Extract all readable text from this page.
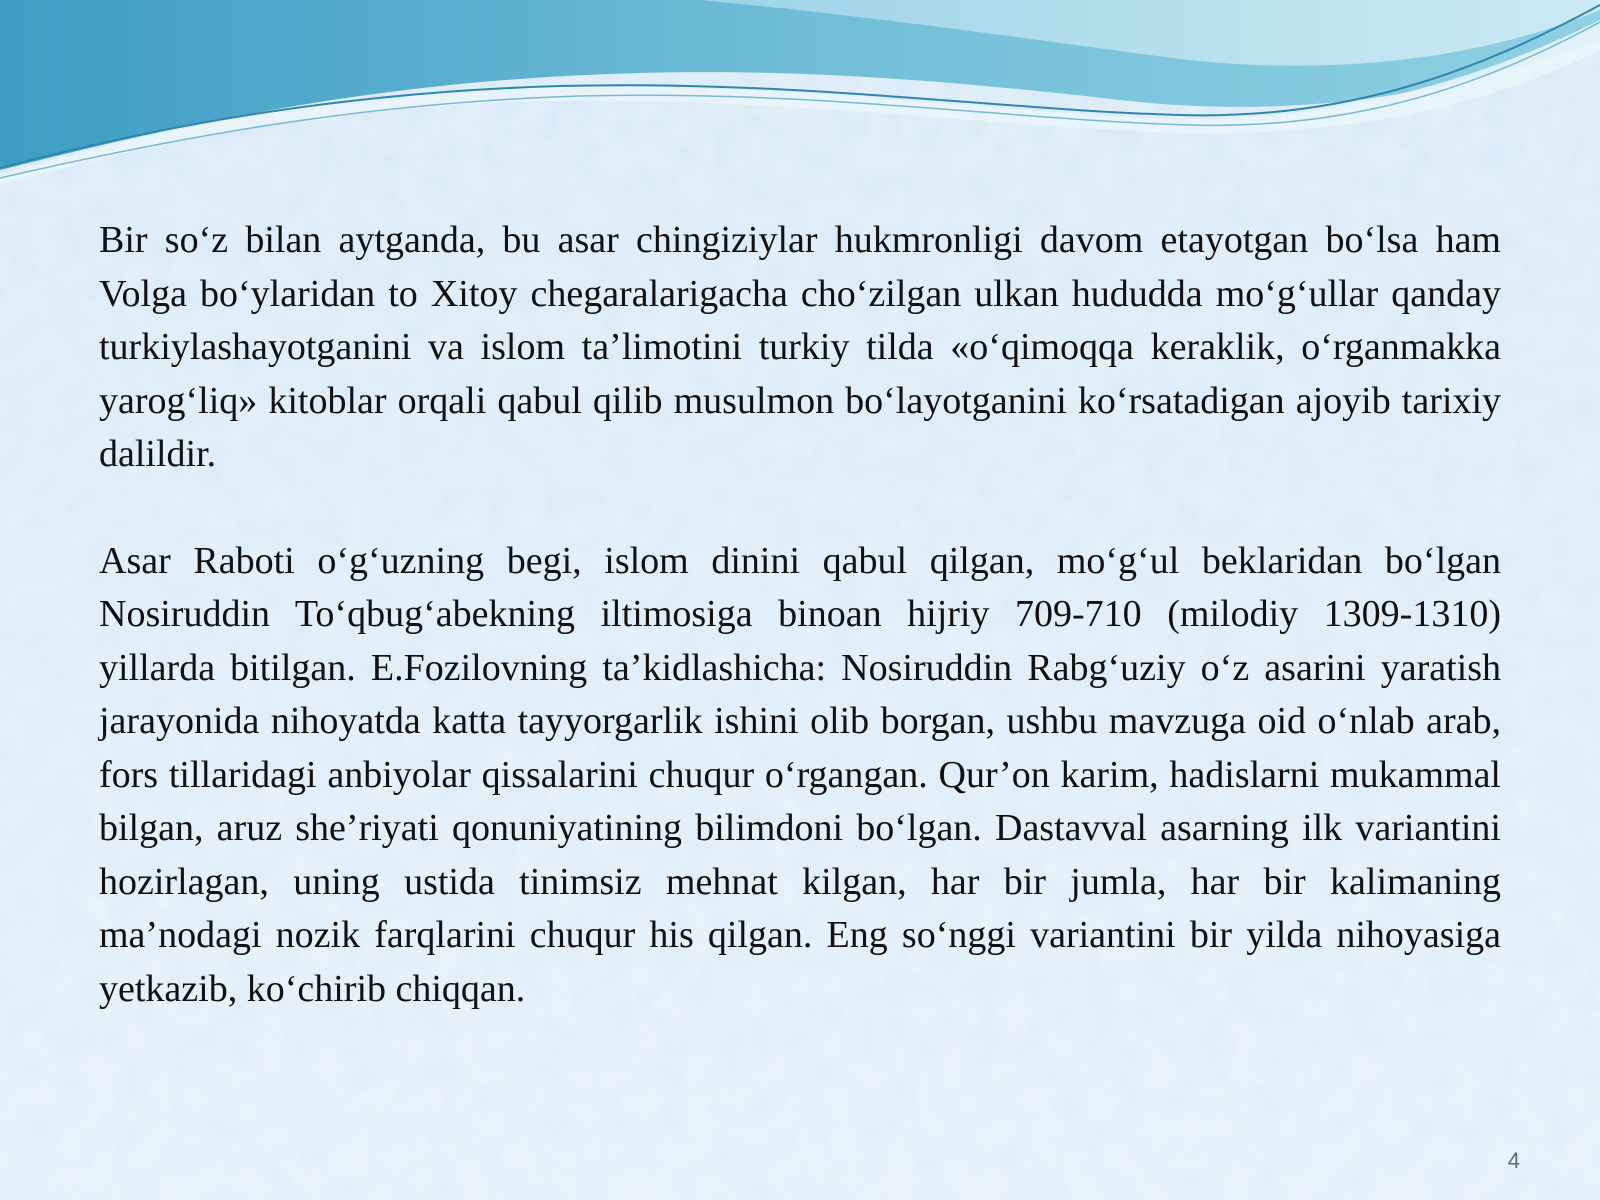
Bir so‘z bilan aytganda, bu asar chingiziylar hukmronligi davom etayotgan bo‘lsa ham Volga bo‘ylaridan to Xitoy chegaralarigacha cho‘zilgan ulkan hududda mo‘g‘ullar qanday turkiylashayotganini va islom ta’limotini turkiy tilda «o‘qimoqqa keraklik, o‘rganmakka yarog‘liq» kitoblar orqali qabul qilib musulmon bo‘layotganini ko‘rsatadigan ajoyib tarixiy dalildir.

Asar Raboti o‘g‘uzning begi, islom dinini qabul qilgan, mo‘g‘ul beklaridan bo‘lgan Nosiruddin To‘qbug‘abekning iltimosiga binoan hijriy 709-710 (milodiy 1309-1310) yillarda bitilgan. E.Fozilovning ta’kidlashicha: Nosiruddin Rabg‘uziy o‘z asarini yaratish jarayonida nihoyatda katta tayyorgarlik ishini olib borgan, ushbu mavzuga oid o‘nlab arab, fors tillaridagi anbiyolar qissalarini chuqur o‘rgangan. Qur’on karim, hadislarni mukammal bilgan, aruz she’riyati qonuniyatining bilimdoni bo‘lgan. Dastavval asarning ilk variantini hozirlagan, uning ustida tinimsiz mehnat kilgan, har bir jumla, har bir kalimaning ma’nodagi nozik farqlarini chuqur his qilgan. Eng so‘nggi variantini bir yilda nihoyasiga yetkazib, ko‘chirib chiqqan.

4
